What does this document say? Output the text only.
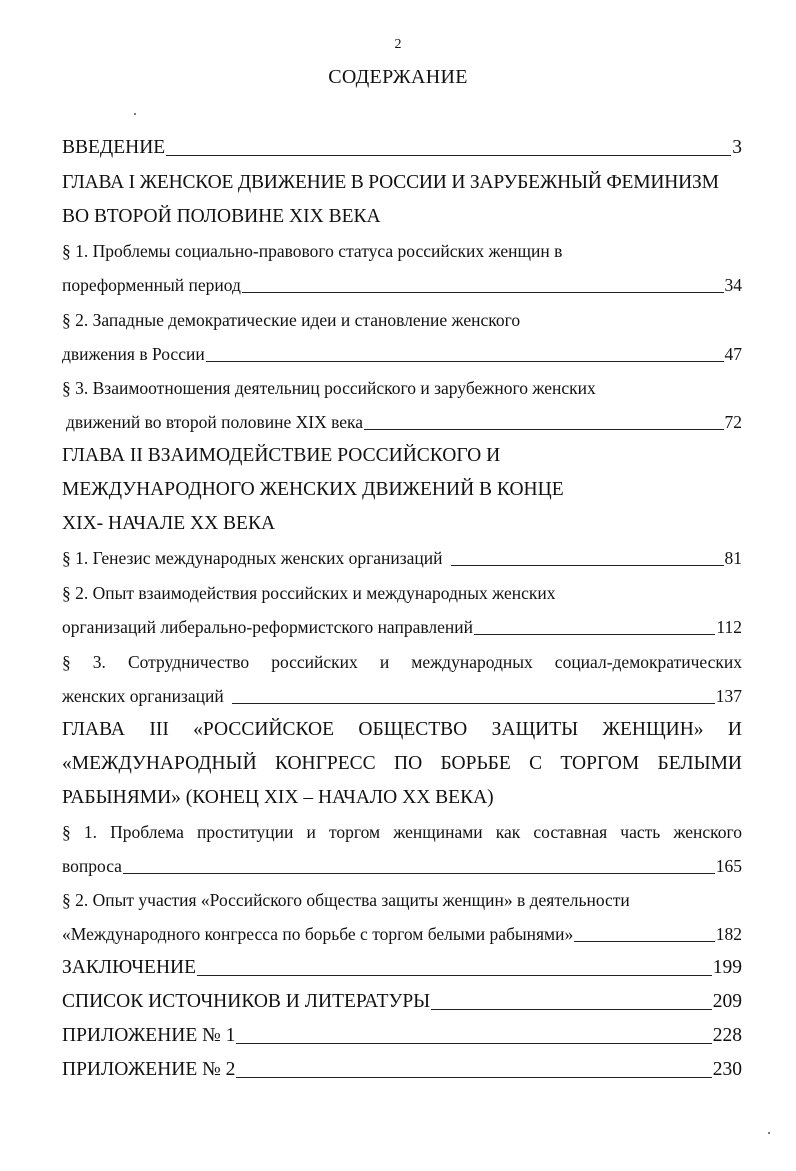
2
СОДЕРЖАНИЕ
ВВЕДЕНИЕ	3
ГЛАВА I ЖЕНСКОЕ ДВИЖЕНИЕ В РОССИИ И ЗАРУБЕЖНЫЙ ФЕМИНИЗМ
ВО ВТОРОЙ ПОЛОВИНЕ XIX ВЕКА
§ 1. Проблемы социально-правового статуса российских женщин в
пореформенный период	34
§ 2. Западные демократические идеи и становление женского
движения в России	47
§ 3. Взаимоотношения деятельниц российского и зарубежного женских
движений во второй половине XIX века	72
ГЛАВА II ВЗАИМОДЕЙСТВИЕ РОССИЙСКОГО И
МЕЖДУНАРОДНОГО ЖЕНСКИХ ДВИЖЕНИЙ В КОНЦЕ
XIX- НАЧАЛЕ XX ВЕКА
§ 1. Генезис международных женских организаций	81
§ 2. Опыт взаимодействия российских и международных женских
организаций либерально-реформистского направлений	112
§ 3. Сотрудничество российских и международных социал-демократических
женских организаций	137
ГЛАВА III «РОССИЙСКОЕ ОБЩЕСТВО ЗАЩИТЫ ЖЕНЩИН» И
«МЕЖДУНАРОДНЫЙ КОНГРЕСС ПО БОРЬБЕ С ТОРГОМ БЕЛЫМИ
РАБЫНЯМИ» (КОНЕЦ XIX – НАЧАЛО XX ВЕКА)
§ 1. Проблема проституции и торгом женщинами как составная часть женского
вопроса	165
§ 2. Опыт участия «Российского общества защиты женщин» в деятельности
«Международного конгресса по борьбе с торгом белыми рабынями»	182
ЗАКЛЮЧЕНИЕ	199
СПИСОК ИСТОЧНИКОВ И ЛИТЕРАТУРЫ	209
ПРИЛОЖЕНИЕ № 1	228
ПРИЛОЖЕНИЕ № 2	230
